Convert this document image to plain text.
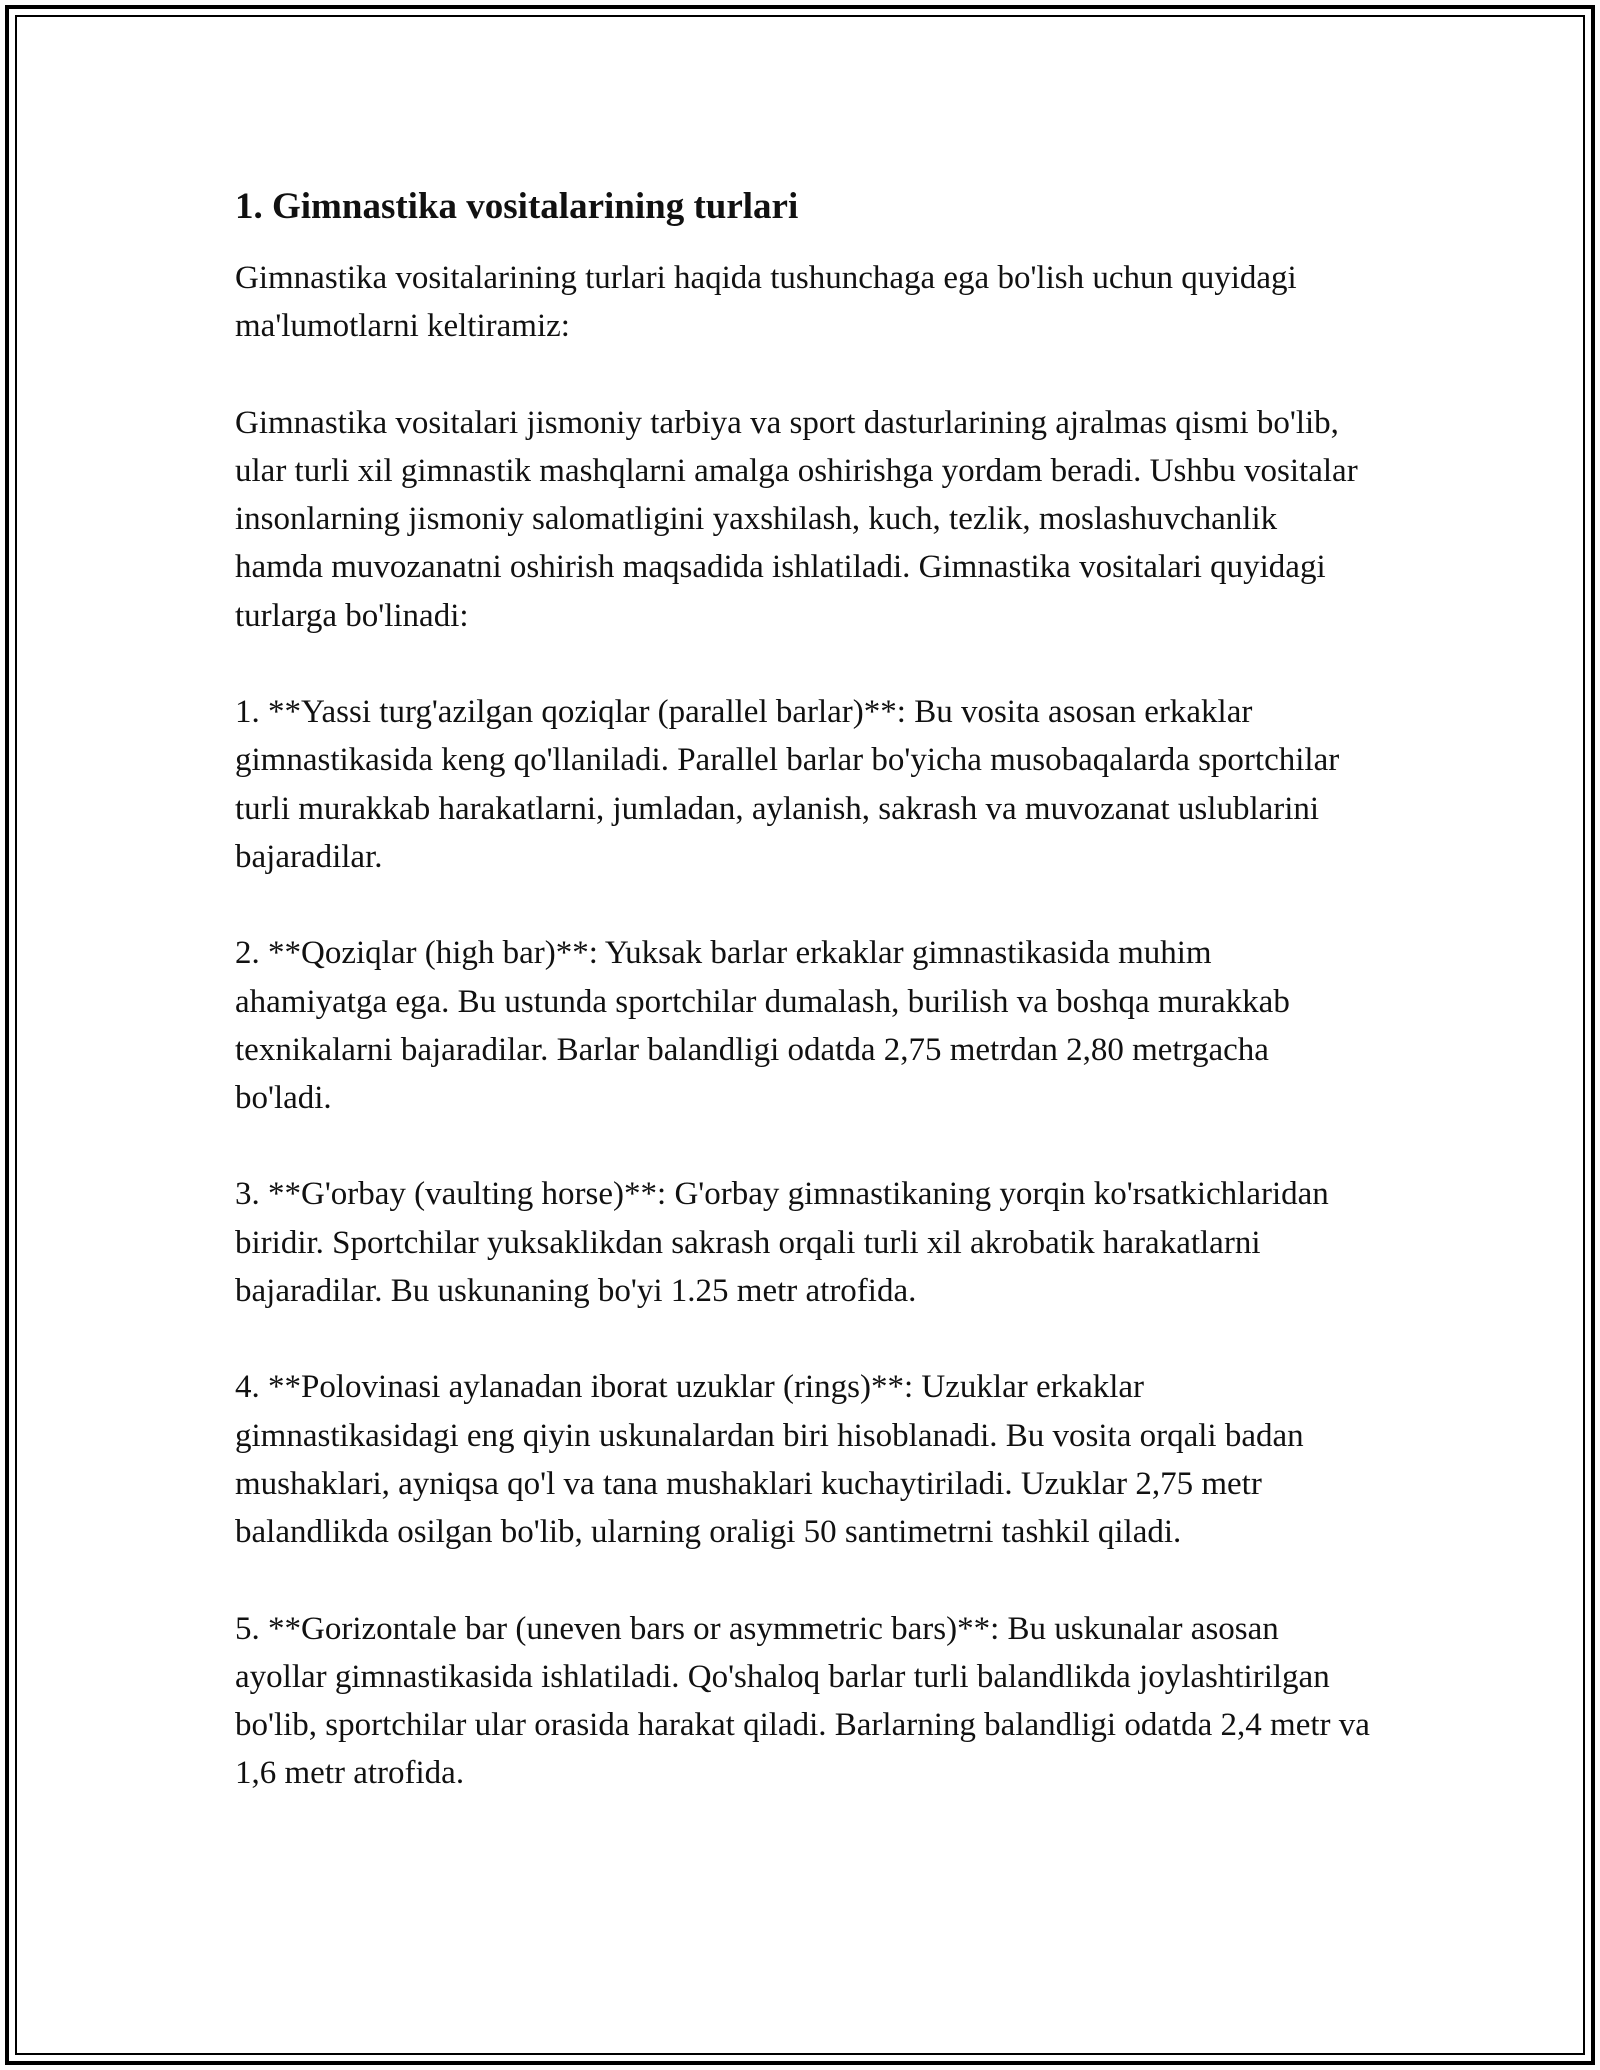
1. Gimnastika vositalarining turlari

Gimnastika vositalarining turlari haqida tushunchaga ega bo'lish uchun quyidagi ma'lumotlarni keltiramiz:

Gimnastika vositalari jismoniy tarbiya va sport dasturlarining ajralmas qismi bo'lib, ular turli xil gimnastik mashqlarni amalga oshirishga yordam beradi. Ushbu vositalar insonlarning jismoniy salomatligini yaxshilash, kuch, tezlik, moslashuvchanlik hamda muvozanatni oshirish maqsadida ishlatiladi. Gimnastika vositalari quyidagi turlarga bo'linadi:

1. **Yassi turg'azilgan qoziqlar (parallel barlar)**: Bu vosita asosan erkaklar gimnastikasida keng qo'llaniladi. Parallel barlar bo'yicha musobaqalarda sportchilar turli murakkab harakatlarni, jumladan, aylanish, sakrash va muvozanat uslublarini bajaradilar.

2. **Qoziqlar (high bar)**: Yuksak barlar erkaklar gimnastikasida muhim ahamiyatga ega. Bu ustunda sportchilar dumalash, burilish va boshqa murakkab texnikalarni bajaradilar. Barlar balandligi odatda 2,75 metrdan 2,80 metrgacha bo'ladi.

3. **G'orbay (vaulting horse)**: G'orbay gimnastikaning yorqin ko'rsatkichlaridan biridir. Sportchilar yuksaklikdan sakrash orqali turli xil akrobatik harakatlarni bajaradilar. Bu uskunaning bo'yi 1.25 metr atrofida.

4. **Polovinasi aylanadan iborat uzuklar (rings)**: Uzuklar erkaklar gimnastikasidagi eng qiyin uskunalardan biri hisoblanadi. Bu vosita orqali badan mushaklari, ayniqsa qo'l va tana mushaklari kuchaytiriladi. Uzuklar 2,75 metr balandlikda osilgan bo'lib, ularning oraligi 50 santimetrni tashkil qiladi.

5. **Gorizontale bar (uneven bars or asymmetric bars)**: Bu uskunalar asosan ayollar gimnastikasida ishlatiladi. Qo'shaloq barlar turli balandlikda joylashtirilgan bo'lib, sportchilar ular orasida harakat qiladi. Barlarning balandligi odatda 2,4 metr va 1,6 metr atrofida.
